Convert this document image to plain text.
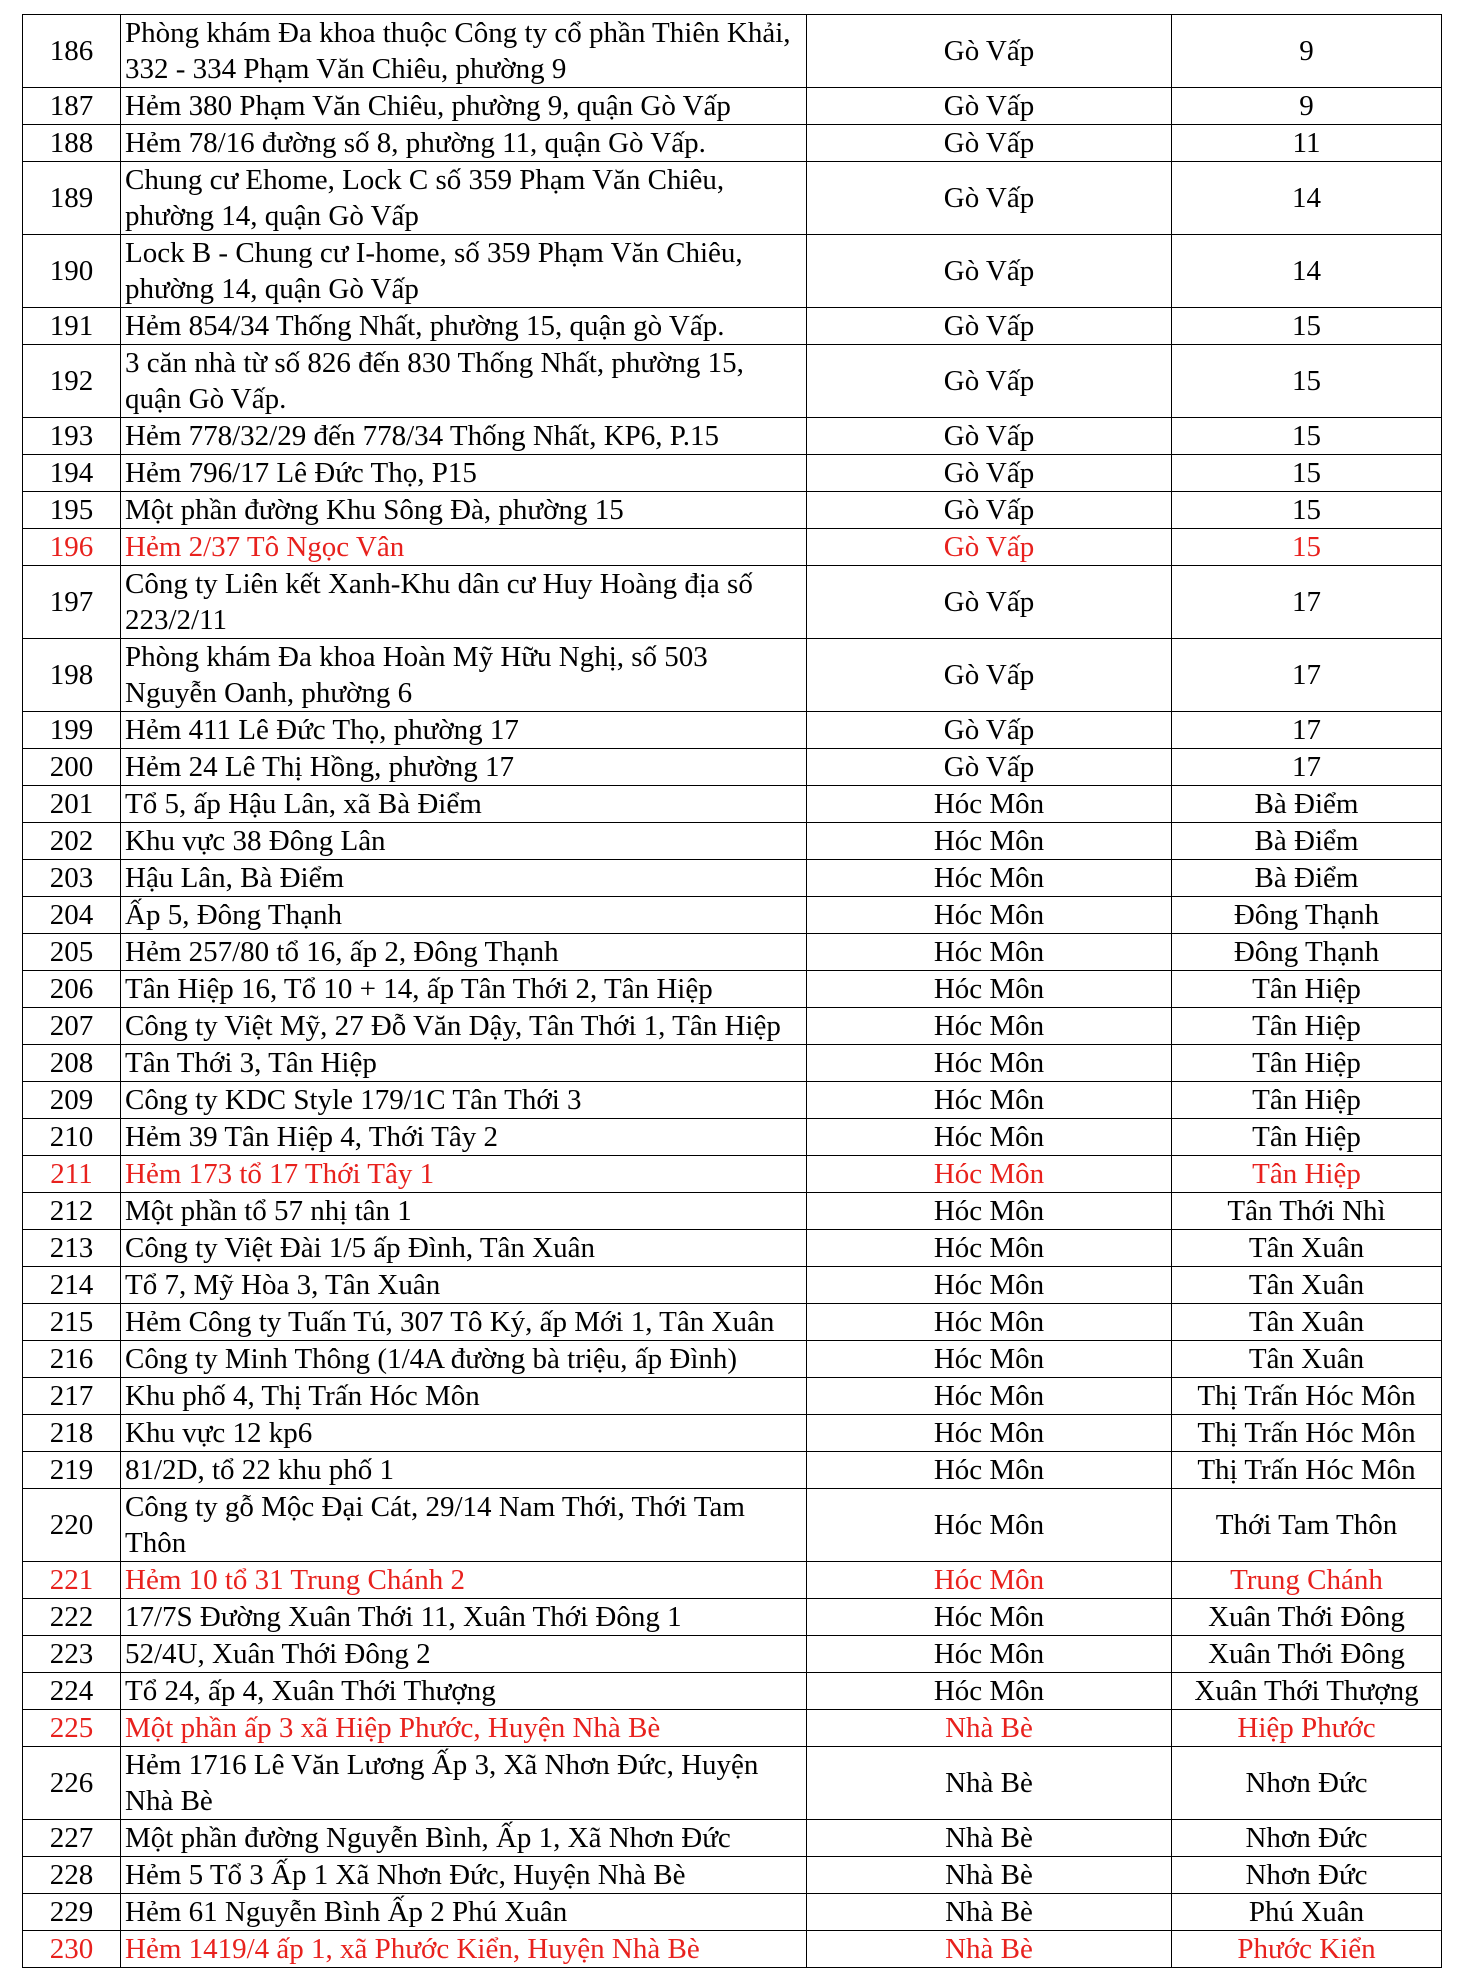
186	Phòng khám Đa khoa thuộc Công ty cổ phần Thiên Khải, 332 - 334 Phạm Văn Chiêu, phường 9	Gò Vấp	9
187	Hẻm 380 Phạm Văn Chiêu, phường 9, quận Gò Vấp	Gò Vấp	9
188	Hẻm 78/16 đường số 8, phường 11, quận Gò Vấp.	Gò Vấp	11
189	Chung cư Ehome, Lock C số 359 Phạm Văn Chiêu, phường 14, quận Gò Vấp	Gò Vấp	14
190	Lock B - Chung cư I-home, số 359 Phạm Văn Chiêu, phường 14, quận Gò Vấp	Gò Vấp	14
191	Hẻm 854/34 Thống Nhất, phường 15, quận gò Vấp.	Gò Vấp	15
192	3 căn nhà từ số 826 đến 830 Thống Nhất, phường 15, quận Gò Vấp.	Gò Vấp	15
193	Hẻm 778/32/29 đến 778/34 Thống Nhất, KP6, P.15	Gò Vấp	15
194	Hẻm 796/17 Lê Đức Thọ, P15	Gò Vấp	15
195	Một phần đường Khu Sông Đà, phường 15	Gò Vấp	15
196	Hẻm 2/37 Tô Ngọc Vân	Gò Vấp	15
197	Công ty Liên kết Xanh-Khu dân cư Huy Hoàng địa số 223/2/11	Gò Vấp	17
198	Phòng khám Đa khoa Hoàn Mỹ Hữu Nghị, số 503 Nguyễn Oanh, phường 6	Gò Vấp	17
199	Hẻm 411 Lê Đức Thọ, phường 17	Gò Vấp	17
200	Hẻm 24 Lê Thị Hồng, phường 17	Gò Vấp	17
201	Tổ 5, ấp Hậu Lân, xã Bà Điểm	Hóc Môn	Bà Điểm
202	Khu vực 38 Đông Lân	Hóc Môn	Bà Điểm
203	Hậu Lân, Bà Điểm	Hóc Môn	Bà Điểm
204	Ấp 5, Đông Thạnh	Hóc Môn	Đông Thạnh
205	Hẻm 257/80 tổ 16, ấp 2, Đông Thạnh	Hóc Môn	Đông Thạnh
206	Tân Hiệp 16, Tổ 10 + 14, ấp Tân Thới 2, Tân Hiệp	Hóc Môn	Tân Hiệp
207	Công ty Việt Mỹ, 27 Đỗ Văn Dậy, Tân Thới 1, Tân Hiệp	Hóc Môn	Tân Hiệp
208	Tân Thới 3, Tân Hiệp	Hóc Môn	Tân Hiệp
209	Công ty KDC Style 179/1C Tân Thới 3	Hóc Môn	Tân Hiệp
210	Hẻm 39 Tân Hiệp 4, Thới Tây 2	Hóc Môn	Tân Hiệp
211	Hẻm 173 tổ 17 Thới Tây 1	Hóc Môn	Tân Hiệp
212	Một phần tổ 57 nhị tân 1	Hóc Môn	Tân Thới Nhì
213	Công ty Việt Đài 1/5 ấp Đình, Tân Xuân	Hóc Môn	Tân Xuân
214	Tổ 7, Mỹ Hòa 3, Tân Xuân	Hóc Môn	Tân Xuân
215	Hẻm Công ty Tuấn Tú, 307 Tô Ký, ấp Mới 1, Tân Xuân	Hóc Môn	Tân Xuân
216	Công ty Minh Thông (1/4A đường bà triệu, ấp Đình)	Hóc Môn	Tân Xuân
217	Khu phố 4, Thị Trấn Hóc Môn	Hóc Môn	Thị Trấn Hóc Môn
218	Khu vực 12 kp6	Hóc Môn	Thị Trấn Hóc Môn
219	81/2D, tổ 22 khu phố 1	Hóc Môn	Thị Trấn Hóc Môn
220	Công ty gỗ Mộc Đại Cát, 29/14 Nam Thới, Thới Tam Thôn	Hóc Môn	Thới Tam Thôn
221	Hẻm 10 tổ 31 Trung Chánh 2	Hóc Môn	Trung Chánh
222	17/7S Đường Xuân Thới 11, Xuân Thới Đông 1	Hóc Môn	Xuân Thới Đông
223	52/4U, Xuân Thới Đông 2	Hóc Môn	Xuân Thới Đông
224	Tổ 24, ấp 4, Xuân Thới Thượng	Hóc Môn	Xuân Thới Thượng
225	Một phần ấp 3 xã Hiệp Phước, Huyện Nhà Bè	Nhà Bè	Hiệp Phước
226	Hẻm 1716 Lê Văn Lương Ấp 3, Xã Nhơn Đức, Huyện Nhà Bè	Nhà Bè	Nhơn Đức
227	Một phần đường Nguyễn Bình, Ấp 1, Xã Nhơn Đức	Nhà Bè	Nhơn Đức
228	Hẻm 5 Tổ 3 Ấp 1 Xã Nhơn Đức, Huyện Nhà Bè	Nhà Bè	Nhơn Đức
229	Hẻm 61 Nguyễn Bình Ấp 2 Phú Xuân	Nhà Bè	Phú Xuân
230	Hẻm 1419/4 ấp 1, xã Phước Kiển, Huyện Nhà Bè	Nhà Bè	Phước Kiển
